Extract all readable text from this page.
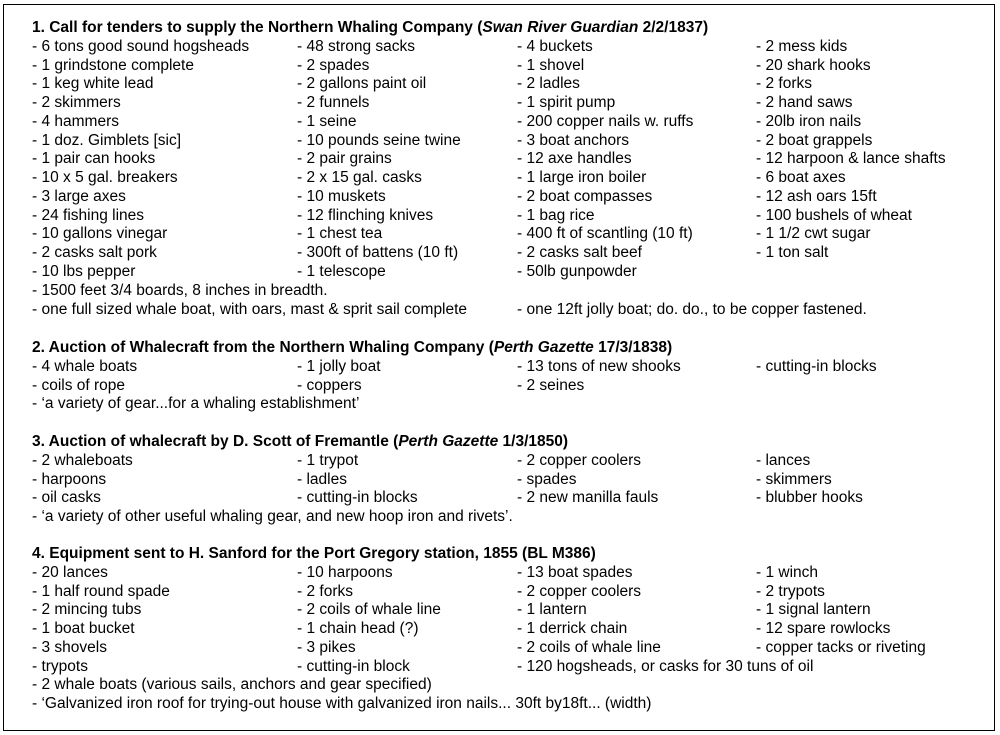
1. Call for tenders to supply the Northern Whaling Company (Swan River Guardian 2/2/1837)
- 6 tons good sound hogsheads	- 48 strong sacks	- 4 buckets	- 2 mess kids
- 1 grindstone complete	- 2 spades	- 1 shovel	- 20 shark hooks
- 1 keg white lead	- 2 gallons paint oil	- 2 ladles	- 2 forks
- 2 skimmers	- 2 funnels	- 1 spirit pump	- 2 hand saws
- 4 hammers	- 1 seine	- 200 copper nails w. ruffs	- 20lb iron nails
- 1 doz. Gimblets [sic]	- 10 pounds seine twine	- 3 boat anchors	- 2 boat grappels
- 1 pair can hooks	- 2 pair grains	- 12 axe handles	- 12 harpoon & lance shafts
- 10 x 5 gal. breakers	- 2 x 15 gal. casks	- 1 large iron boiler	- 6 boat axes
- 3 large axes	- 10 muskets	- 2 boat compasses	- 12 ash oars 15ft
- 24 fishing lines	- 12 flinching knives	- 1 bag rice	- 100 bushels of wheat
- 10 gallons vinegar	- 1 chest tea	- 400 ft of scantling (10 ft)	- 1 1/2 cwt sugar
- 2 casks salt pork	- 300ft of battens (10 ft)	- 2 casks salt beef	- 1 ton salt
- 10 lbs pepper	- 1 telescope	- 50lb gunpowder
- 1500 feet 3/4 boards, 8 inches in breadth.
- one full sized whale boat, with oars, mast & sprit sail complete	- one 12ft jolly boat; do. do., to be copper fastened.
2. Auction of Whalecraft from the Northern Whaling Company (Perth Gazette 17/3/1838)
- 4 whale boats	- 1 jolly boat	- 13 tons of new shooks	- cutting-in blocks
- coils of rope	- coppers	- 2 seines
- ‘a variety of gear...for a whaling establishment’
3. Auction of whalecraft by D. Scott of Fremantle (Perth Gazette 1/3/1850)
- 2 whaleboats	- 1 trypot	- 2 copper coolers	- lances
- harpoons	- ladles	- spades	- skimmers
- oil casks	- cutting-in blocks	- 2 new manilla fauls	- blubber hooks
- ‘a variety of other useful whaling gear, and new hoop iron and rivets’.
4. Equipment sent to H. Sanford for the Port Gregory station, 1855 (BL M386)
- 20 lances	- 10 harpoons	- 13 boat spades	- 1 winch
- 1 half round spade	- 2 forks	- 2 copper coolers	- 2 trypots
- 2 mincing tubs	- 2 coils of whale line	- 1 lantern	- 1 signal lantern
- 1 boat bucket	- 1 chain head (?)	- 1 derrick chain	- 12 spare rowlocks
- 3 shovels	- 3 pikes	- 2 coils of whale line	- copper tacks or riveting
- trypots	- cutting-in block	- 120 hogsheads, or casks for 30 tuns of oil
- 2 whale boats (various sails, anchors and gear specified)
- ‘Galvanized iron roof for trying-out house with galvanized iron nails... 30ft by18ft... (width)
